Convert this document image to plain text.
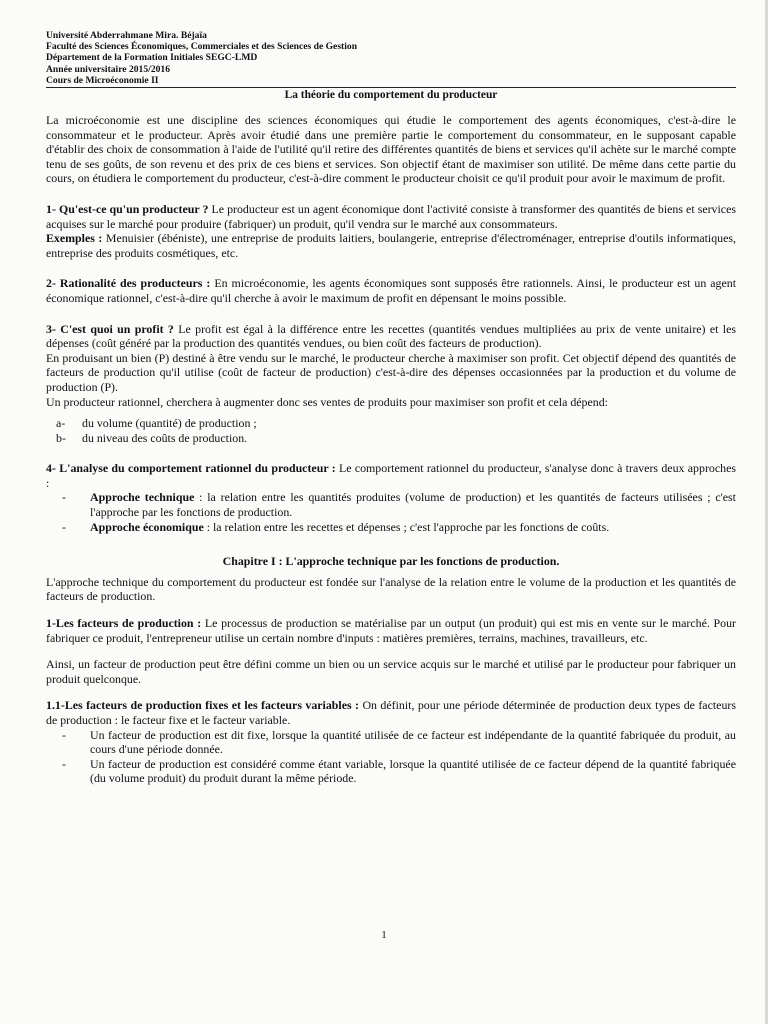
Université Abderrahmane Mira. Béjaïa
Faculté des Sciences Économiques, Commerciales et des Sciences de Gestion
Département de la Formation Initiales SEGC-LMD
Année universitaire 2015/2016
Cours de Microéconomie II
La théorie du comportement du producteur

La microéconomie est une discipline des sciences économiques qui étudie le comportement des agents économiques, c'est-à-dire le consommateur et le producteur. Après avoir étudié dans une première partie le comportement du consommateur, en le supposant capable d'établir des choix de consommation à l'aide de l'utilité qu'il retire des différentes quantités de biens et services qu'il achète sur le marché compte tenu de ses goûts, de son revenu et des prix de ces biens et services. Son objectif étant de maximiser son utilité. De même dans cette partie du cours, on étudiera le comportement du producteur, c'est-à-dire comment le producteur choisit ce qu'il produit pour avoir le maximum de profit.

1- Qu'est-ce qu'un producteur ? Le producteur est un agent économique dont l'activité consiste à transformer des quantités de biens et services acquises sur le marché pour produire (fabriquer) un produit, qu'il vendra sur le marché aux consommateurs.

Exemples : Menuisier (ébéniste), une entreprise de produits laitiers, boulangerie, entreprise d'électroménager, entreprise d'outils informatiques, entreprise des produits cosmétiques, etc.

2- Rationalité des producteurs : En microéconomie, les agents économiques sont supposés être rationnels. Ainsi, le producteur est un agent économique rationnel, c'est-à-dire qu'il cherche à avoir le maximum de profit en dépensant le moins possible.

3- C'est quoi un profit ? Le profit est égal à la différence entre les recettes (quantités vendues multipliées au prix de vente unitaire) et les dépenses (coût généré par la production des quantités vendues, ou bien coût des facteurs de production).

En produisant un bien (P) destiné à être vendu sur le marché, le producteur cherche à maximiser son profit. Cet objectif dépend des quantités de facteurs de production qu'il utilise (coût de facteur de production) c'est-à-dire des dépenses occasionnées par la production et du volume de production (P).

Un producteur rationnel, cherchera à augmenter donc ses ventes de produits pour maximiser son profit et cela dépend:

a-	du volume (quantité) de production ;
b-	du niveau des coûts de production.

4- L'analyse du comportement rationnel du producteur : Le comportement rationnel du producteur, s'analyse donc à travers deux approches :

-	Approche technique : la relation entre les quantités produites (volume de production) et les quantités de facteurs utilisées ; c'est l'approche par les fonctions de production.
-	Approche économique : la relation entre les recettes et dépenses ; c'est l'approche par les fonctions de coûts.
Chapitre I : L'approche technique par les fonctions de production.

L'approche technique du comportement du producteur est fondée sur l'analyse de la relation entre le volume de la production et les quantités de facteurs de production.

1-Les facteurs de production : Le processus de production se matérialise par un output (un produit) qui est mis en vente sur le marché. Pour fabriquer ce produit, l'entrepreneur utilise un certain nombre d'inputs : matières premières, terrains, machines, travailleurs, etc.

Ainsi, un facteur de production peut être défini comme un bien ou un service acquis sur le marché et utilisé par le producteur pour fabriquer un produit quelconque.

1.1-Les facteurs de production fixes et les facteurs variables : On définit, pour une période déterminée de production deux types de facteurs de production : le facteur fixe et le facteur variable.

-	Un facteur de production est dit fixe, lorsque la quantité utilisée de ce facteur est indépendante de la quantité fabriquée du produit, au cours d'une période donnée.
-	Un facteur de production est considéré comme étant variable, lorsque la quantité utilisée de ce facteur dépend de la quantité fabriquée (du volume produit) du produit durant la même période.
1
